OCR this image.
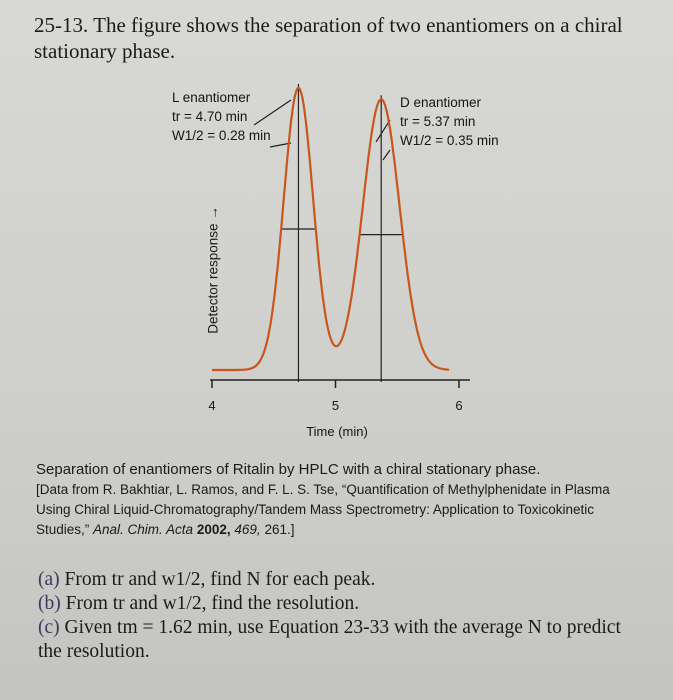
25-13. The figure shows the separation of two enantiomers on a chiral stationary phase.
L enantiomer
tr = 4.70 min
W1/2 = 0.28 min
D enantiomer
tr = 5.37 min
W1/2 = 0.35 min
Detector response →
4	5	6
Time (min)
Separation of enantiomers of Ritalin by HPLC with a chiral stationary phase.
[Data from R. Bakhtiar, L. Ramos, and F. L. S. Tse, “Quantification of Methylphenidate in Plasma Using Chiral Liquid-Chromatography/Tandem Mass Spectrometry: Application to Toxicokinetic Studies,” Anal. Chim. Acta 2002, 469, 261.]
(a) From tr and w1/2, find N for each peak.
(b) From tr and w1/2, find the resolution.
(c) Given tm = 1.62 min, use Equation 23-33 with the average N to predict the resolution.
